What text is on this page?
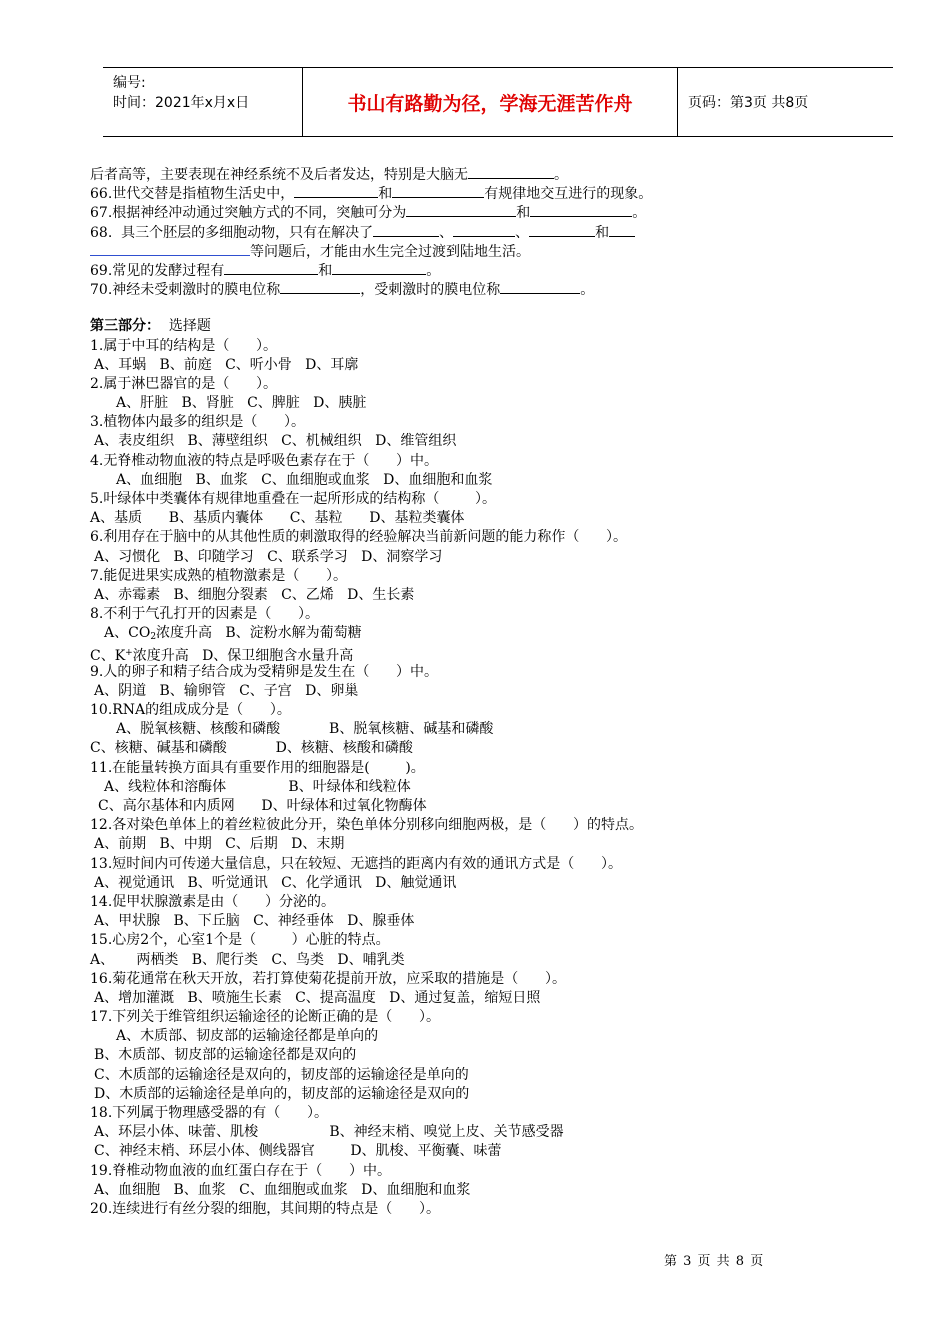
编号:
时间：2021年x月x日	书山有路勤为径，学海无涯苦作舟	页码：第3页 共8页
后者高等，主要表现在神经系统不及后者发达，特别是大脑无	。
66.世代交替是指植物生活史中，	和	有规律地交互进行的现象。
67.根据神经冲动通过突触方式的不同，突触可分为	和	。
68.  具三个胚层的多细胞动物，只有在解决了	、	、	和
等问题后，才能由水生完全过渡到陆地生活。
69.常见的发酵过程有	和	。
70.神经未受刺激时的膜电位称	，受刺激时的膜电位称	。
第三部分：  选择题
1.属于中耳的结构是（      ）。
A、耳蜗   B、前庭   C、听小骨   D、耳廓
2.属于淋巴器官的是（      ）。
A、肝脏   B、肾脏   C、脾脏   D、胰脏
3.植物体内最多的组织是（      ）。
A、表皮组织   B、薄壁组织   C、机械组织   D、维管组织
4.无脊椎动物血液的特点是呼吸色素存在于（      ）中。
A、血细胞   B、血浆   C、血细胞或血浆   D、血细胞和血浆
5.叶绿体中类囊体有规律地重叠在一起所形成的结构称（        ）。
A、基质      B、基质内囊体      C、基粒      D、基粒类囊体
6.利用存在于脑中的从其他性质的刺激取得的经验解决当前新问题的能力称作（      ）。
A、习惯化   B、印随学习   C、联系学习   D、洞察学习
7.能促进果实成熟的植物激素是（      ）。
A、赤霉素   B、细胞分裂素   C、乙烯   D、生长素
8.不利于气孔打开的因素是（      ）。
A、$CO_2$浓度升高   B、淀粉水解为葡萄糖
C、K+浓度升高   D、保卫细胞含水量升高
9.人的卵子和精子结合成为受精卵是发生在（      ）中。
A、阴道   B、输卵管   C、子宫   D、卵巢
10.RNA的组成成分是（      ）。
A、脱氧核糖、核酸和磷酸           B、脱氧核糖、碱基和磷酸
C、核糖、碱基和磷酸           D、核糖、核酸和磷酸
11.在能量转换方面具有重要作用的细胞器是(        )。
A、线粒体和溶酶体              B、叶绿体和线粒体
C、高尔基体和内质网      D、叶绿体和过氧化物酶体
12.各对染色单体上的着丝粒彼此分开，染色单体分别移向细胞两极，是（      ）的特点。
A、前期   B、中期   C、后期   D、末期
13.短时间内可传递大量信息，只在较短、无遮挡的距离内有效的通讯方式是（      ）。
A、视觉通讯   B、听觉通讯   C、化学通讯   D、触觉通讯
14.促甲状腺激素是由（      ）分泌的。
A、甲状腺   B、下丘脑   C、神经垂体   D、腺垂体
15.心房2个，心室1个是（        ）心脏的特点。
A、     两栖类   B、爬行类   C、鸟类   D、哺乳类
16.菊花通常在秋天开放，若打算使菊花提前开放，应采取的措施是（      ）。
A、增加灌溉   B、喷施生长素   C、提高温度   D、通过复盖，缩短日照
17.下列关于维管组织运输途径的论断正确的是（      ）。
A、木质部、韧皮部的运输途径都是单向的
B、木质部、韧皮部的运输途径都是双向的
C、木质部的运输途径是双向的，韧皮部的运输途径是单向的
D、木质部的运输途径是单向的，韧皮部的运输途径是双向的
18.下列属于物理感受器的有（      ）。
A、环层小体、味蕾、肌梭                B、神经末梢、嗅觉上皮、关节感受器
C、神经末梢、环层小体、侧线器官        D、肌梭、平衡囊、味蕾
19.脊椎动物血液的血红蛋白存在于（      ）中。
A、血细胞   B、血浆   C、血细胞或血浆   D、血细胞和血浆
20.连续进行有丝分裂的细胞，其间期的特点是（      ）。
第 3 页 共 8 页
